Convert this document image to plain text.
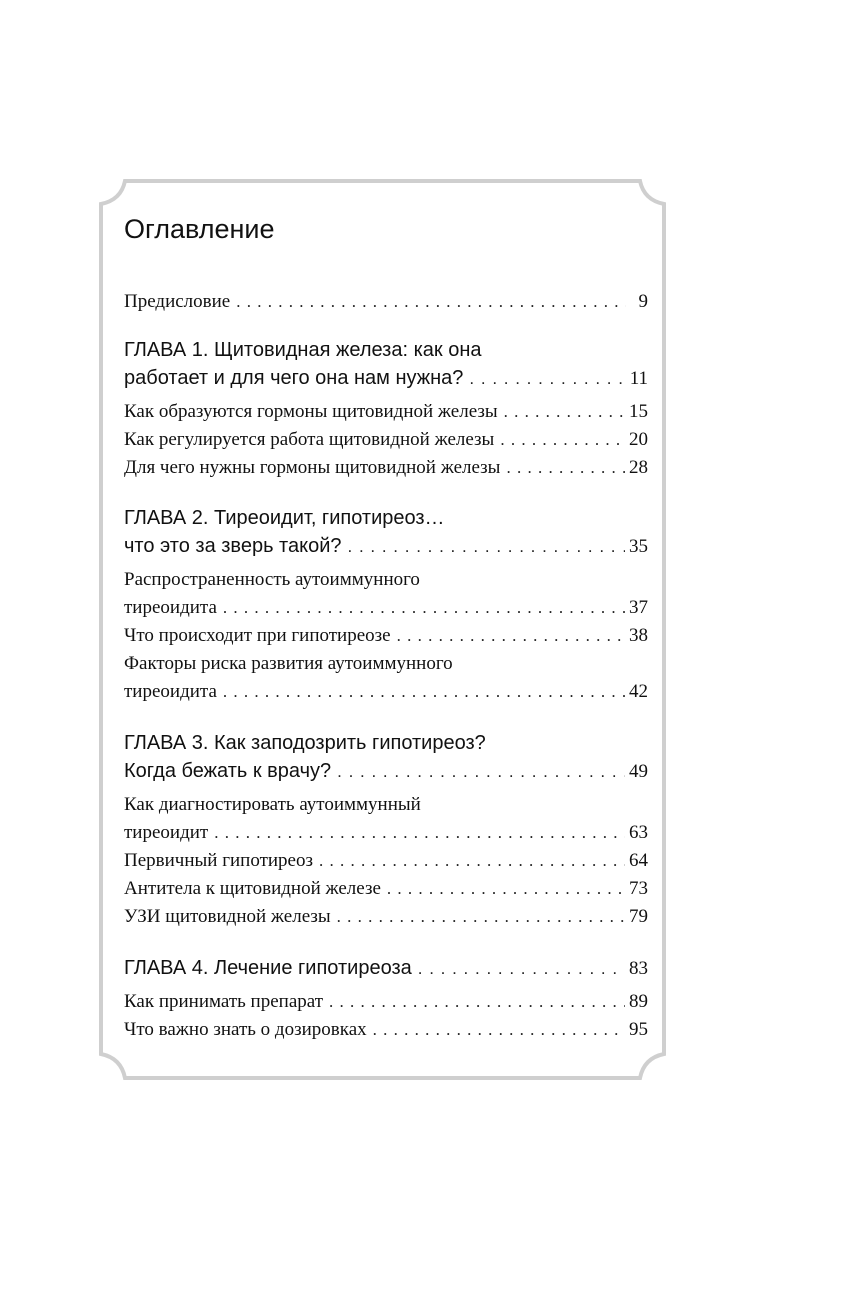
Оглавление
Предисловие . . .	9
ГЛАВА 1. Щитовидная железа: как она
работает и для чего она нам нужна? . . .	11
Как образуются гормоны щитовидной железы . . .	15
Как регулируется работа щитовидной железы . . .	20
Для чего нужны гормоны щитовидной железы . . .	28
ГЛАВА 2. Тиреоидит, гипотиреоз…
что это за зверь такой? . . .	35
Распространенность аутоиммунного
тиреоидита . . .	37
Что происходит при гипотиреозе . . .	38
Факторы риска развития аутоиммунного
тиреоидита . . .	42
ГЛАВА 3. Как заподозрить гипотиреоз?
Когда бежать к врачу? . . .	49
Как диагностировать аутоиммунный
тиреоидит . . .	63
Первичный гипотиреоз . . .	64
Антитела к щитовидной железе . . .	73
УЗИ щитовидной железы . . .	79
ГЛАВА 4. Лечение гипотиреоза . . .	83
Как принимать препарат . . .	89
Что важно знать о дозировках . . .	95
